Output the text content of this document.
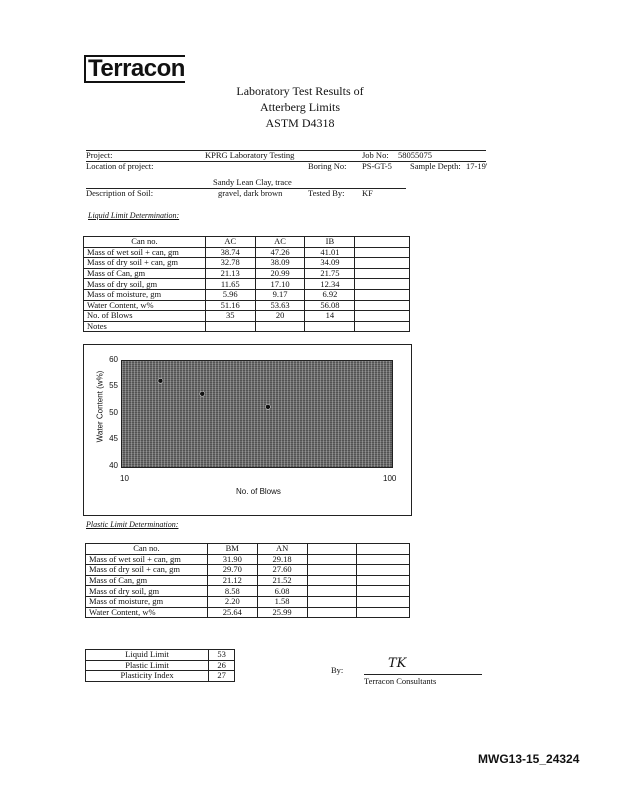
Terracon
Laboratory Test Results of
Atterberg Limits
ASTM D4318
Project:	KPRG Laboratory Testing	Job No: 58055075
Location of project:	Boring No: PS-GT-5 Sample Depth: 17-19'
Sandy Lean Clay, trace
Description of Soil:	gravel, dark brown	Tested By: KF
Liquid Limit Determination:
Can no.	AC	AC	IB	
Mass of wet soil + can, gm	38.74	47.26	41.01	
Mass of dry soil + can, gm	32.78	38.09	34.09	
Mass of Can, gm	21.13	20.99	21.75	
Mass of dry soil, gm	11.65	17.10	12.34	
Mass of moisture, gm	5.96	9.17	6.92	
Water Content, w%	51.16	53.63	56.08	
No. of Blows	35	20	14	
Notes				
60
55
50
45
40
Water Content (w%)
10	100
No. of Blows
Plastic Limit Determination:
Can no.	BM	AN		
Mass of wet soil + can, gm	31.90	29.18		
Mass of dry soil + can, gm	29.70	27.60		
Mass of Can, gm	21.12	21.52		
Mass of dry soil, gm	8.58	6.08		
Mass of moisture, gm	2.20	1.58		
Water Content, w%	25.64	25.99		
Liquid Limit	53
Plastic Limit	26
Plasticity Index	27
By:	TK
Terracon Consultants
MWG13-15_24324
